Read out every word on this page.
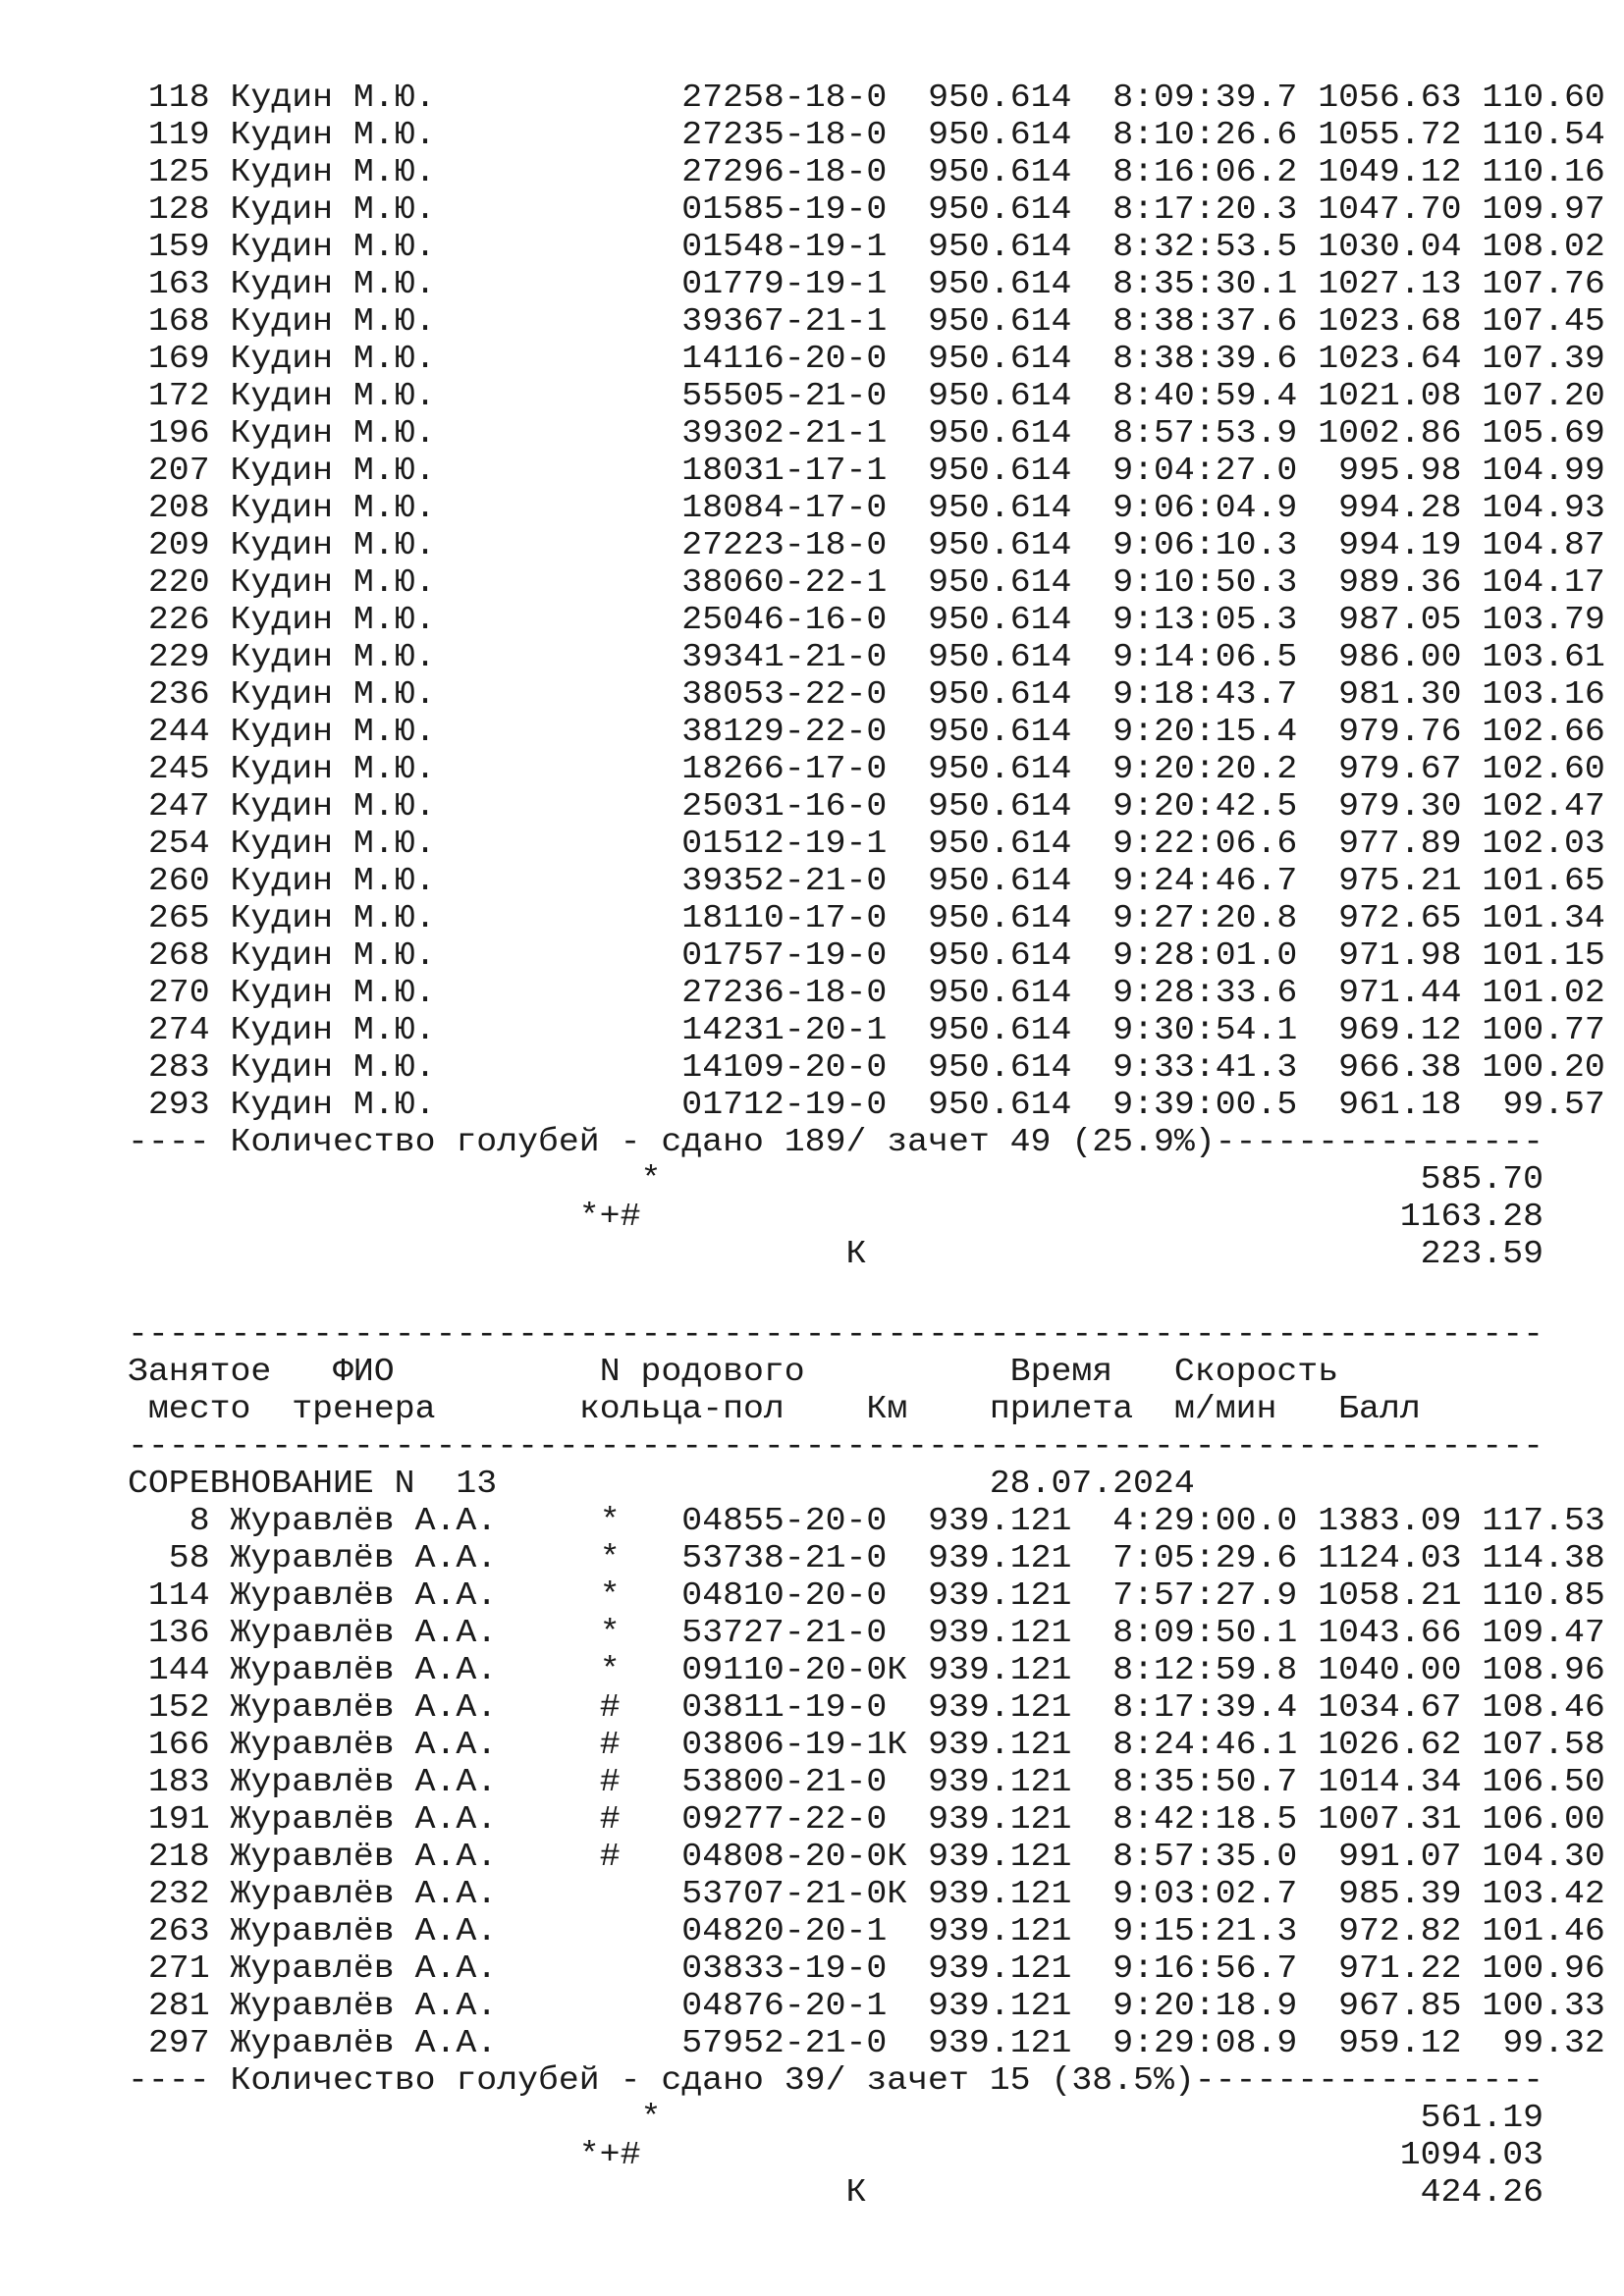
118 Кудин М.Ю.	27258-18-0  950.614 8:09:39.7 1056.63 110.60
119 Кудин М.Ю.	27235-18-0  950.614 8:10:26.6 1055.72 110.54
125 Кудин М.Ю.	27296-18-0  950.614 8:16:06.2 1049.12 110.16
128 Кудин М.Ю.	01585-19-0  950.614 8:17:20.3 1047.70 109.97
159 Кудин М.Ю.	01548-19-1  950.614 8:32:53.5 1030.04 108.02
163 Кудин М.Ю.	01779-19-1  950.614 8:35:30.1 1027.13 107.76
168 Кудин М.Ю.	39367-21-1  950.614 8:38:37.6 1023.68 107.45
169 Кудин М.Ю.	14116-20-0  950.614 8:38:39.6 1023.64 107.39
172 Кудин М.Ю.	55505-21-0  950.614 8:40:59.4 1021.08 107.20
196 Кудин М.Ю.	39302-21-1  950.614 8:57:53.9 1002.86 105.69
207 Кудин М.Ю.	18031-17-1  950.614 9:04:27.0  995.98 104.99
208 Кудин М.Ю.	18084-17-0  950.614 9:06:04.9  994.28 104.93
209 Кудин М.Ю.	27223-18-0  950.614 9:06:10.3  994.19 104.87
220 Кудин М.Ю.	38060-22-1  950.614 9:10:50.3  989.36 104.17
226 Кудин М.Ю.	25046-16-0  950.614 9:13:05.3  987.05 103.79
229 Кудин М.Ю.	39341-21-0  950.614 9:14:06.5  986.00 103.61
236 Кудин М.Ю.	38053-22-0  950.614 9:18:43.7  981.30 103.16
244 Кудин М.Ю.	38129-22-0  950.614 9:20:15.4  979.76 102.66
245 Кудин М.Ю.	18266-17-0  950.614 9:20:20.2  979.67 102.60
247 Кудин М.Ю.	25031-16-0  950.614 9:20:42.5  979.30 102.47
254 Кудин М.Ю.	01512-19-1  950.614 9:22:06.6  977.89 102.03
260 Кудин М.Ю.	39352-21-0  950.614 9:24:46.7  975.21 101.65
265 Кудин М.Ю.	18110-17-0  950.614 9:27:20.8  972.65 101.34
268 Кудин М.Ю.	01757-19-0  950.614 9:28:01.0  971.98 101.15
270 Кудин М.Ю.	27236-18-0  950.614 9:28:33.6  971.44 101.02
274 Кудин М.Ю.	14231-20-1  950.614 9:30:54.1  969.12 100.77
283 Кудин М.Ю.	14109-20-0  950.614 9:33:41.3  966.38 100.20
293 Кудин М.Ю.	01712-19-0  950.614 9:39:00.5  961.18  99.57
---- Количество голубей - сдано 189/ зачет 49 (25.9%)----------------
*	585.70
*+#	1163.28
К	223.59
---------------------------------------------------------------------
Занятое ФИО	N родового	Время Скорость
место тренера	кольца-пол	Км	прилета м/мин Балл
---------------------------------------------------------------------
СОРЕВНОВАНИЕ N  13	28.07.2024
8 Журавлёв А.А.	* 04855-20-0  939.121 4:29:00.0 1383.09 117.53
58 Журавлёв А.А.	* 53738-21-0  939.121 7:05:29.6 1124.03 114.38
114 Журавлёв А.А.	* 04810-20-0  939.121 7:57:27.9 1058.21 110.85
136 Журавлёв А.А.	* 53727-21-0  939.121 8:09:50.1 1043.66 109.47
144 Журавлёв А.А.	* 09110-20-0К 939.121 8:12:59.8 1040.00 108.96
152 Журавлёв А.А.	# 03811-19-0  939.121 8:17:39.4 1034.67 108.46
166 Журавлёв А.А.	# 03806-19-1К 939.121 8:24:46.1 1026.62 107.58
183 Журавлёв А.А.	# 53800-21-0  939.121 8:35:50.7 1014.34 106.50
191 Журавлёв А.А.	# 09277-22-0  939.121 8:42:18.5 1007.31 106.00
218 Журавлёв А.А.	# 04808-20-0К 939.121 8:57:35.0  991.07 104.30
232 Журавлёв А.А.	53707-21-0К 939.121 9:03:02.7  985.39 103.42
263 Журавлёв А.А.	04820-20-1  939.121 9:15:21.3  972.82 101.46
271 Журавлёв А.А.	03833-19-0  939.121 9:16:56.7  971.22 100.96
281 Журавлёв А.А.	04876-20-1  939.121 9:20:18.9  967.85 100.33
297 Журавлёв А.А.	57952-21-0  939.121 9:29:08.9  959.12  99.32
---- Количество голубей - сдано 39/ зачет 15 (38.5%)-----------------
*	561.19
*+#	1094.03
К	424.26
